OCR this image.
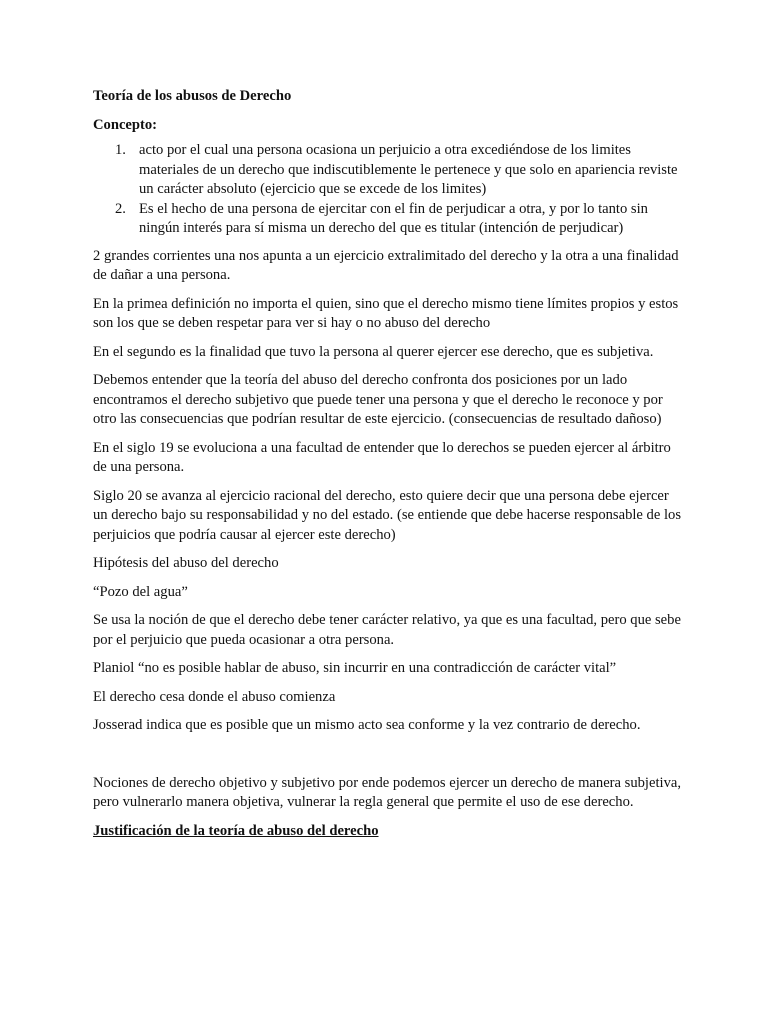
Teoría de los abusos de Derecho
Concepto:
1. acto por el cual una persona ocasiona un perjuicio a otra excediéndose de los limites materiales de un derecho que indiscutiblemente le pertenece y que solo en apariencia reviste un carácter absoluto (ejercicio que se excede de los limites)
2. Es el hecho de una persona de ejercitar con el fin de perjudicar a otra, y por lo tanto sin ningún interés para sí misma un derecho del que es titular (intención de perjudicar)

2 grandes corrientes una nos apunta a un ejercicio extralimitado del derecho y la otra a una finalidad de dañar a una persona.

En la primea definición no importa el quien, sino que el derecho mismo tiene límites propios y estos son los que se deben respetar para ver si hay o no abuso del derecho

En el segundo es la finalidad que tuvo la persona al querer ejercer ese derecho, que es subjetiva.

Debemos entender que la teoría del abuso del derecho confronta dos posiciones por un lado encontramos el derecho subjetivo que puede tener una persona y que el derecho le reconoce y por otro las consecuencias que podrían resultar de este ejercicio. (consecuencias de resultado dañoso)

En el siglo 19 se evoluciona a una facultad de entender que lo derechos se pueden ejercer al árbitro de una persona.

Siglo 20 se avanza al ejercicio racional del derecho, esto quiere decir que una persona debe ejercer un derecho bajo su responsabilidad y no del estado. (se entiende que debe hacerse responsable de los perjuicios que podría causar al ejercer este derecho)

Hipótesis del abuso del derecho

“Pozo del agua”

Se usa la noción de que el derecho debe tener carácter relativo, ya que es una facultad, pero que sebe por el perjuicio que pueda ocasionar a otra persona.

Planiol “no es posible hablar de abuso, sin incurrir en una contradicción de carácter vital”

El derecho cesa donde el abuso comienza

Josserad indica que es posible que un mismo acto sea conforme y la vez contrario de derecho.

Nociones de derecho objetivo y subjetivo por ende podemos ejercer un derecho de manera subjetiva, pero vulnerarlo manera objetiva, vulnerar la regla general que permite el uso de ese derecho.

Justificación de la teoría de abuso del derecho
